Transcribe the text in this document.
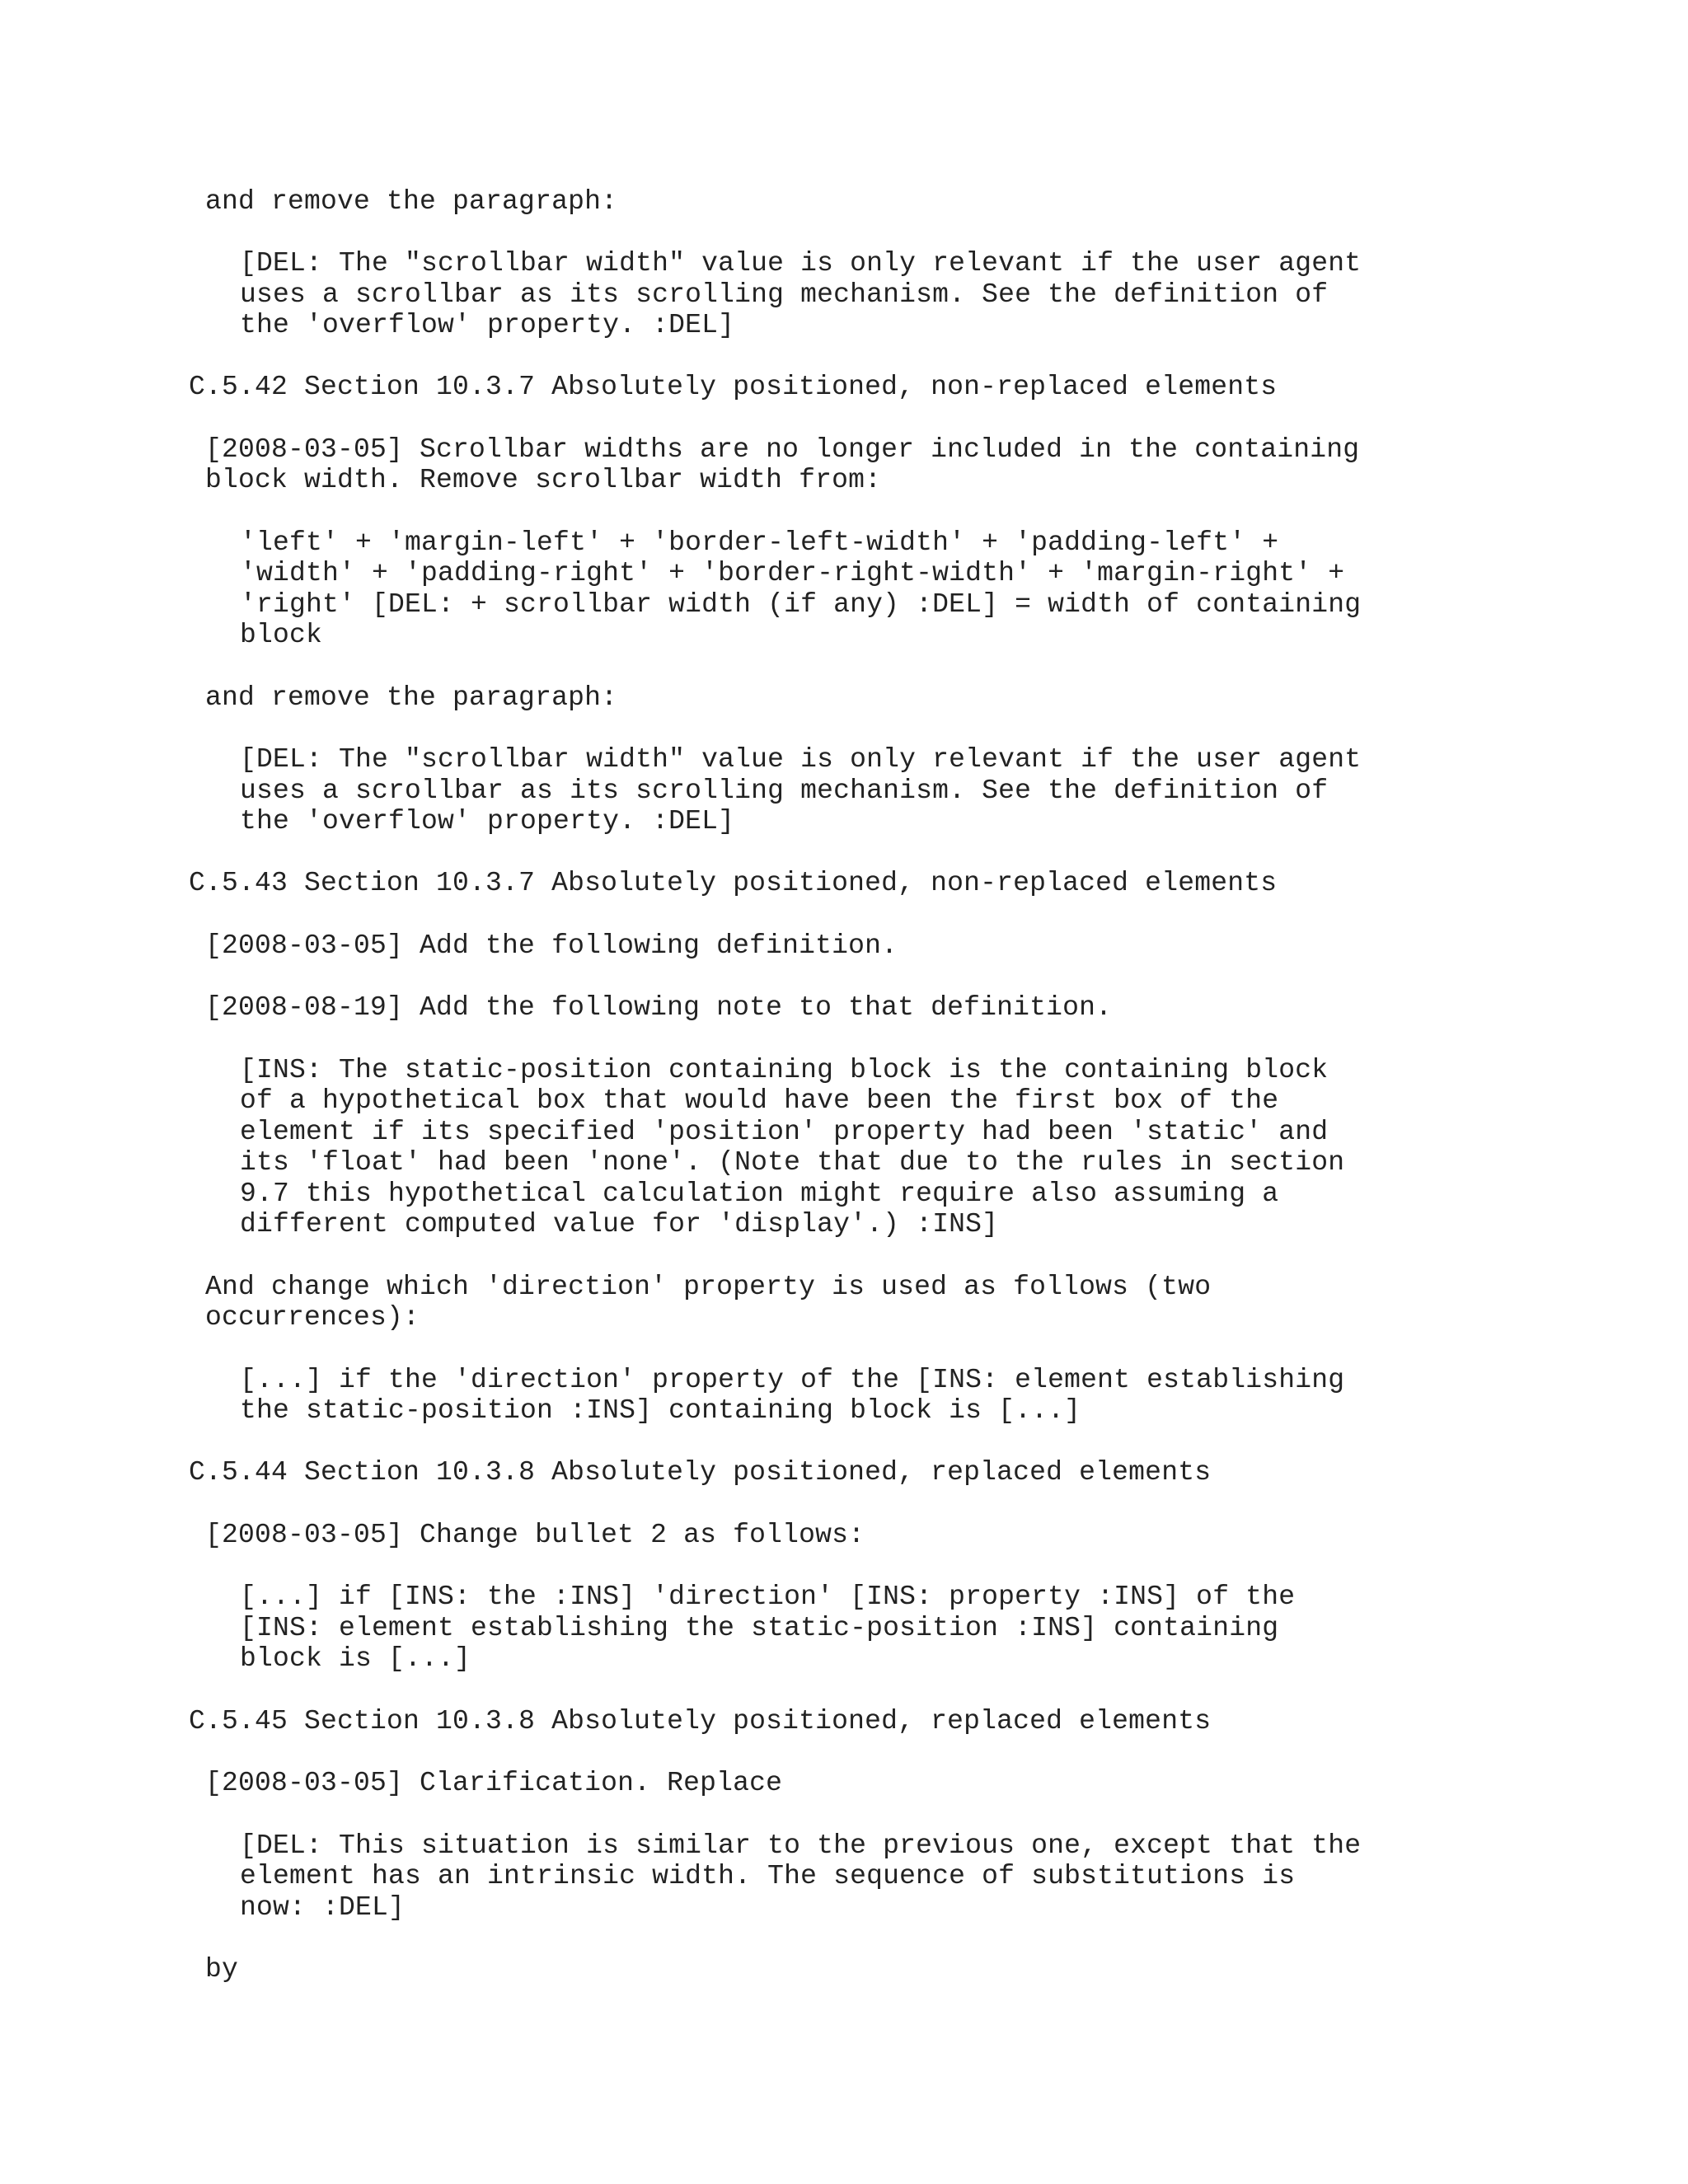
and remove the paragraph:
[DEL: The "scrollbar width" value is only relevant if the user agent
uses a scrollbar as its scrolling mechanism. See the definition of
the 'overflow' property. :DEL]
C.5.42 Section 10.3.7 Absolutely positioned, non-replaced elements
[2008-03-05] Scrollbar widths are no longer included in the containing
block width. Remove scrollbar width from:
'left' + 'margin-left' + 'border-left-width' + 'padding-left' +
'width' + 'padding-right' + 'border-right-width' + 'margin-right' +
'right' [DEL: + scrollbar width (if any) :DEL] = width of containing
block
and remove the paragraph:
[DEL: The "scrollbar width" value is only relevant if the user agent
uses a scrollbar as its scrolling mechanism. See the definition of
the 'overflow' property. :DEL]
C.5.43 Section 10.3.7 Absolutely positioned, non-replaced elements
[2008-03-05] Add the following definition.
[2008-08-19] Add the following note to that definition.
[INS: The static-position containing block is the containing block
of a hypothetical box that would have been the first box of the
element if its specified 'position' property had been 'static' and
its 'float' had been 'none'. (Note that due to the rules in section
9.7 this hypothetical calculation might require also assuming a
different computed value for 'display'.) :INS]
And change which 'direction' property is used as follows (two
occurrences):
[...] if the 'direction' property of the [INS: element establishing
the static-position :INS] containing block is [...]
C.5.44 Section 10.3.8 Absolutely positioned, replaced elements
[2008-03-05] Change bullet 2 as follows:
[...] if [INS: the :INS] 'direction' [INS: property :INS] of the
[INS: element establishing the static-position :INS] containing
block is [...]
C.5.45 Section 10.3.8 Absolutely positioned, replaced elements
[2008-03-05] Clarification. Replace
[DEL: This situation is similar to the previous one, except that the
element has an intrinsic width. The sequence of substitutions is
now: :DEL]
by
